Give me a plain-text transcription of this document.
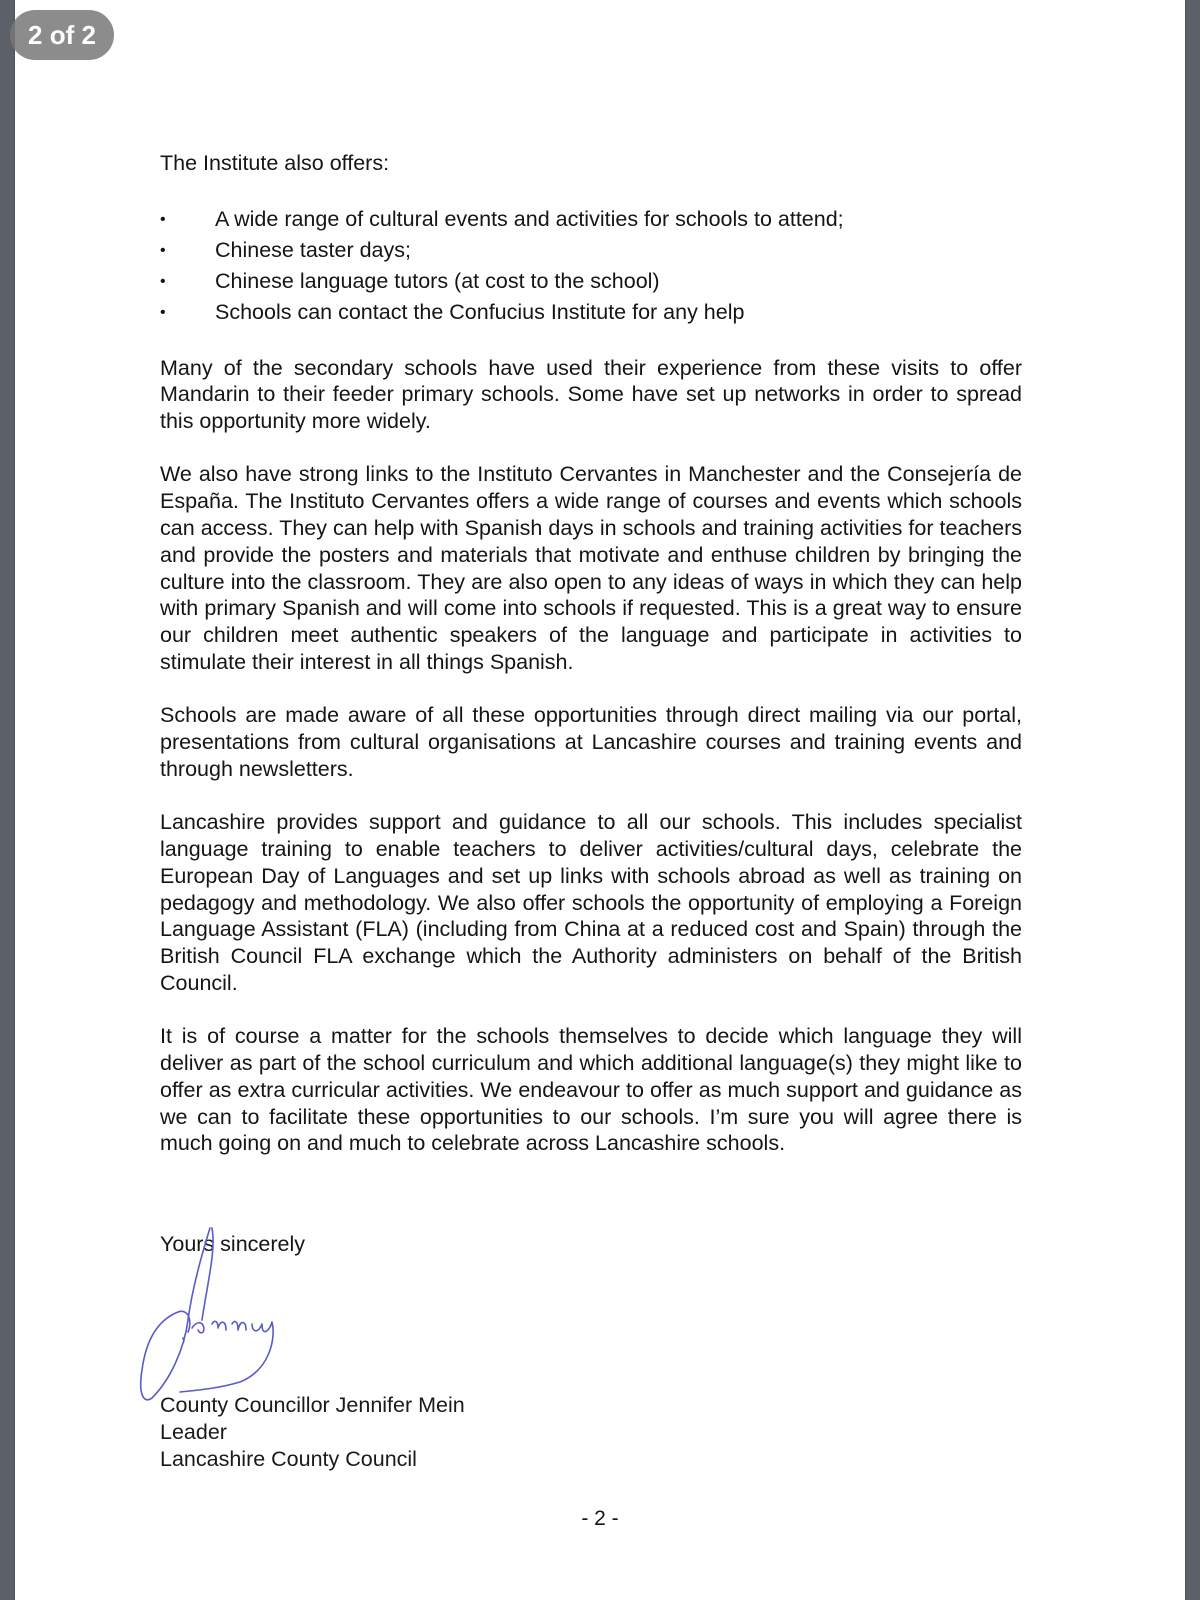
2 of 2

The Institute also offers:

• A wide range of cultural events and activities for schools to attend;
• Chinese taster days;
• Chinese language tutors (at cost to the school)
• Schools can contact the Confucius Institute for any help

Many of the secondary schools have used their experience from these visits to offer Mandarin to their feeder primary schools. Some have set up networks in order to spread this opportunity more widely.

We also have strong links to the Instituto Cervantes in Manchester and the Consejería de España. The Instituto Cervantes offers a wide range of courses and events which schools can access. They can help with Spanish days in schools and training activities for teachers and provide the posters and materials that motivate and enthuse children by bringing the culture into the classroom. They are also open to any ideas of ways in which they can help with primary Spanish and will come into schools if requested. This is a great way to ensure our children meet authentic speakers of the language and participate in activities to stimulate their interest in all things Spanish.

Schools are made aware of all these opportunities through direct mailing via our portal, presentations from cultural organisations at Lancashire courses and training events and through newsletters.

Lancashire provides support and guidance to all our schools. This includes specialist language training to enable teachers to deliver activities/cultural days, celebrate the European Day of Languages and set up links with schools abroad as well as training on pedagogy and methodology. We also offer schools the opportunity of employing a Foreign Language Assistant (FLA) (including from China at a reduced cost and Spain) through the British Council FLA exchange which the Authority administers on behalf of the British Council.

It is of course a matter for the schools themselves to decide which language they will deliver as part of the school curriculum and which additional language(s) they might like to offer as extra curricular activities. We endeavour to offer as much support and guidance as we can to facilitate these opportunities to our schools. I’m sure you will agree there is much going on and much to celebrate across Lancashire schools.

Yours sincerely
County Councillor Jennifer Mein
Leader
Lancashire County Council
- 2 -
